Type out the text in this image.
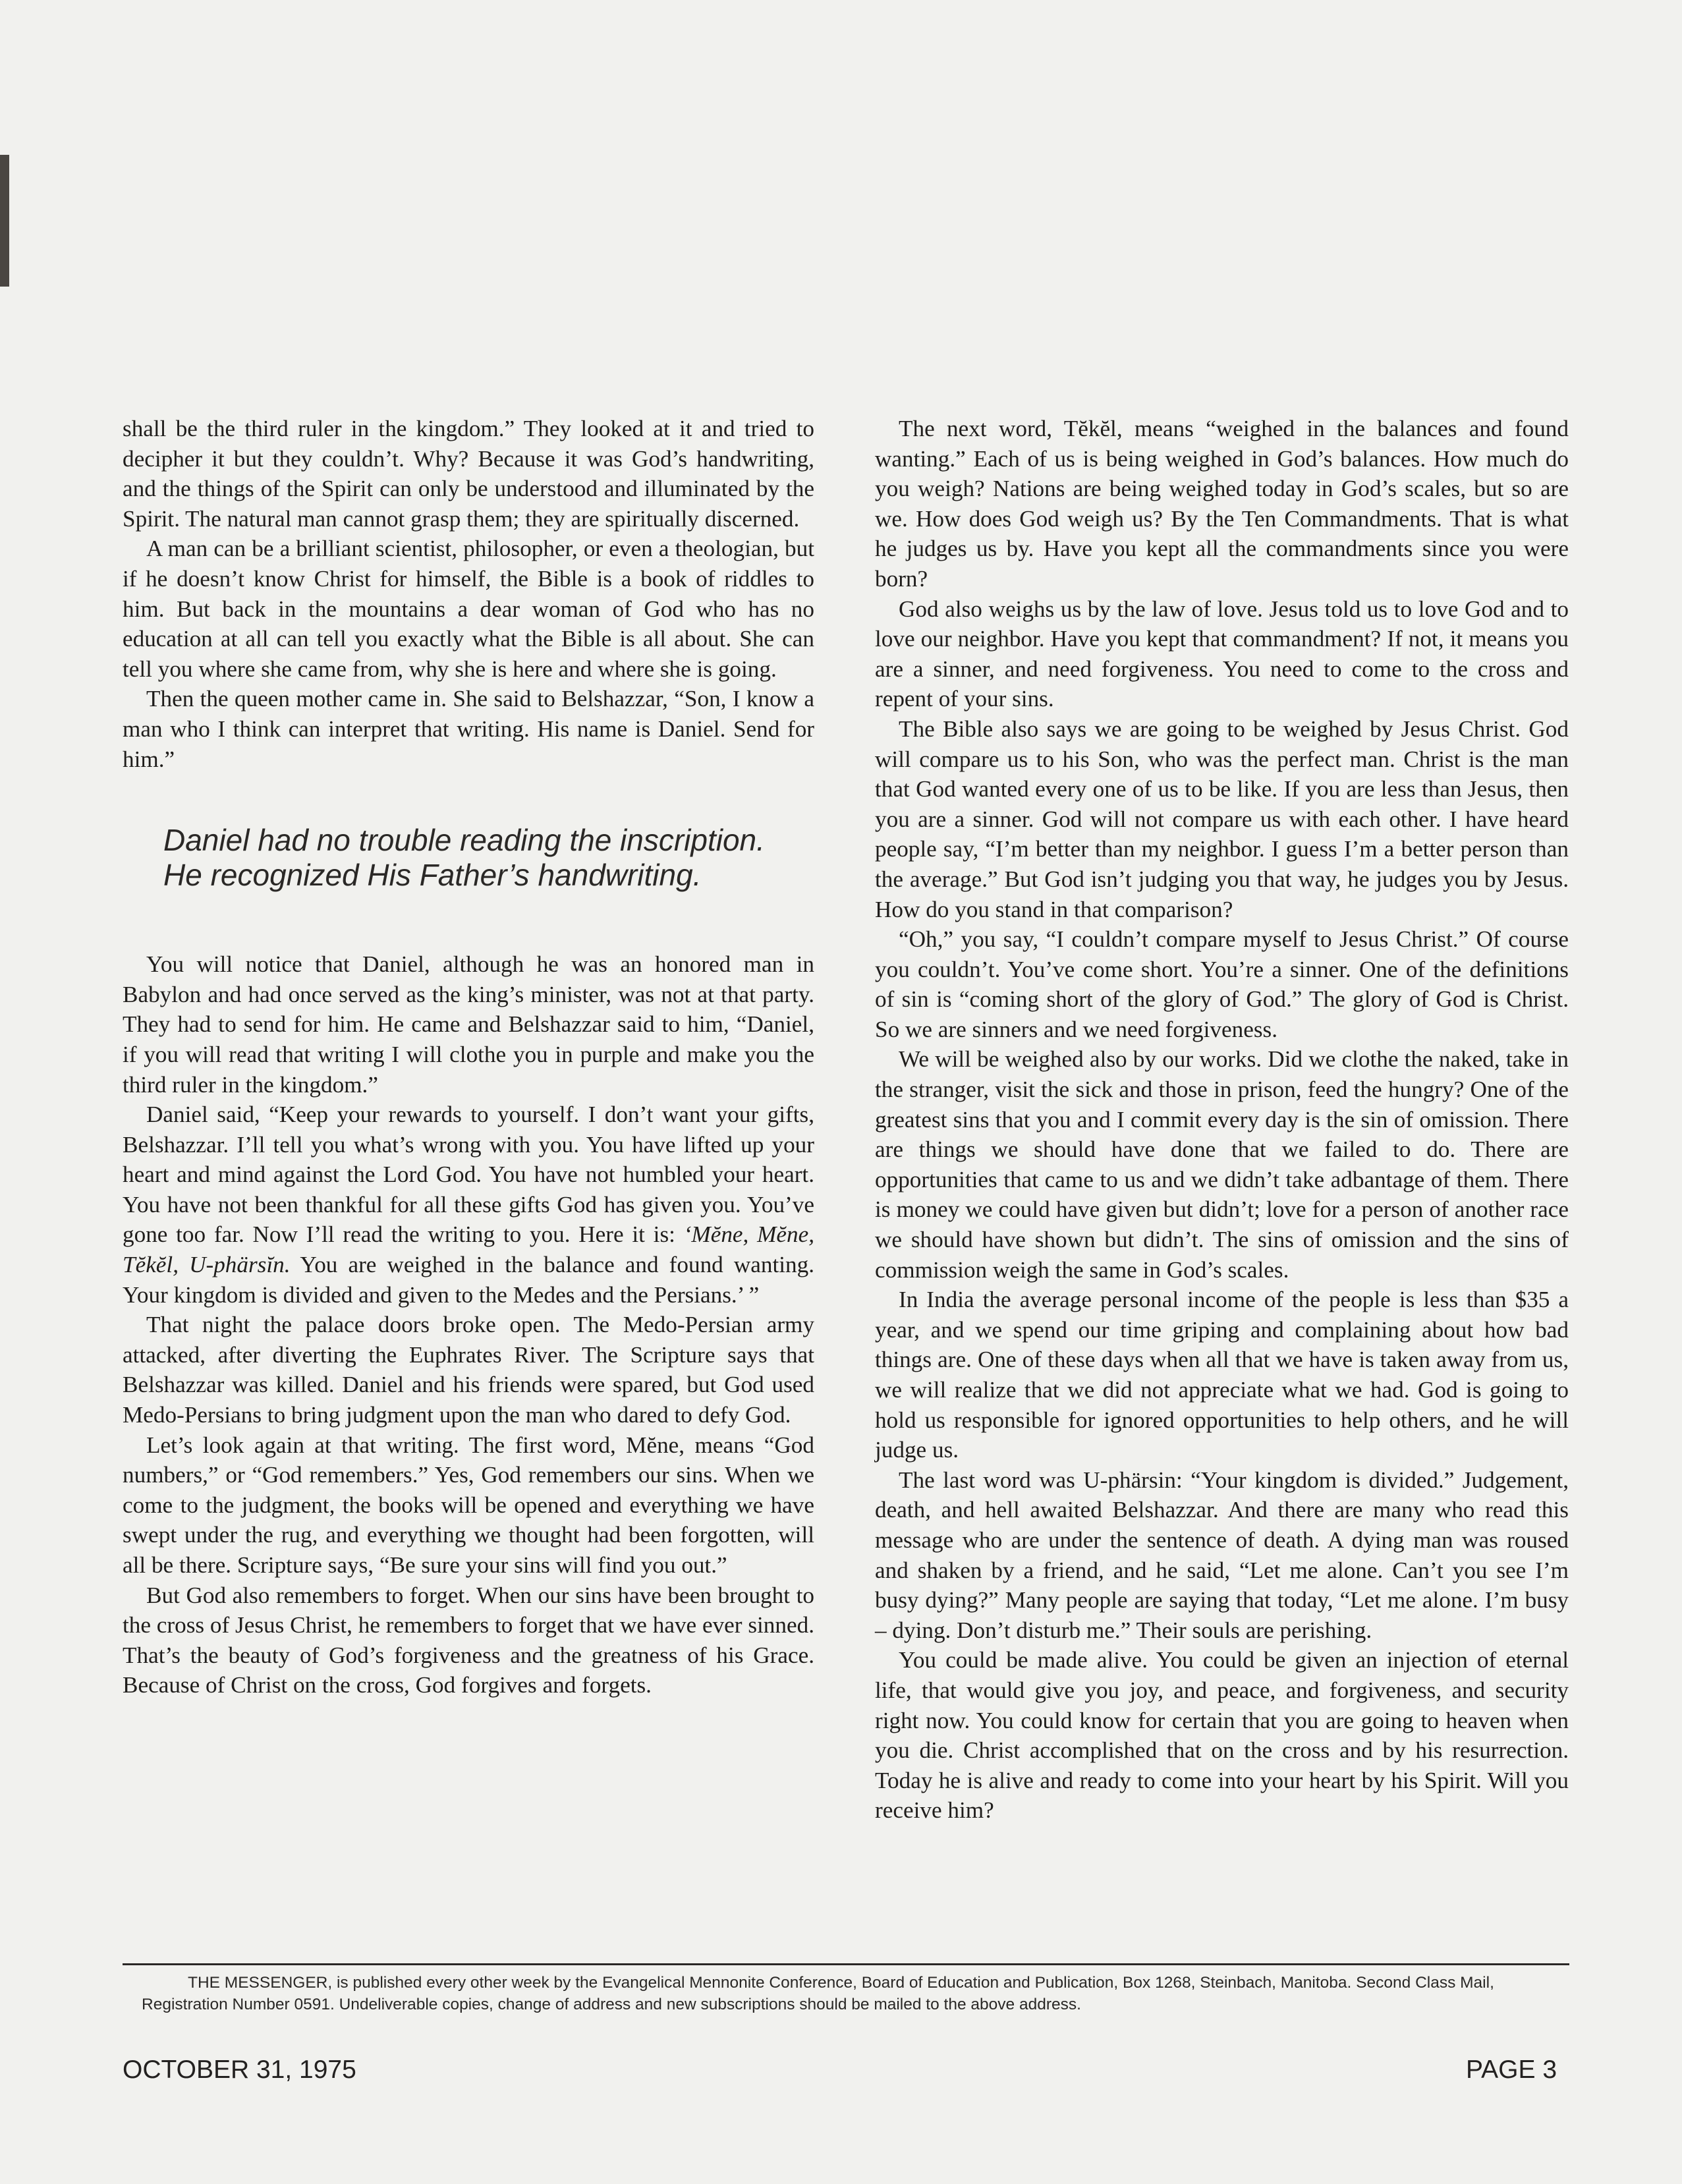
shall be the third ruler in the kingdom.” They looked at it and tried to decipher it but they couldn’t. Why? Because it was God’s handwriting, and the things of the Spirit can only be understood and illuminated by the Spirit. The natural man cannot grasp them; they are spiritually discerned.

A man can be a brilliant scientist, philosopher, or even a theologian, but if he doesn’t know Christ for himself, the Bible is a book of riddles to him. But back in the mountains a dear woman of God who has no education at all can tell you exactly what the Bible is all about. She can tell you where she came from, why she is here and where she is going.

Then the queen mother came in. She said to Belshazzar, “Son, I know a man who I think can interpret that writing. His name is Daniel. Send for him.”

Daniel had no trouble reading the inscription. He recognized His Father’s handwriting.

You will notice that Daniel, although he was an honored man in Babylon and had once served as the king’s minister, was not at that party. They had to send for him. He came and Belshazzar said to him, “Daniel, if you will read that writing I will clothe you in purple and make you the third ruler in the kingdom.”

Daniel said, “Keep your rewards to yourself. I don’t want your gifts, Belshazzar. I’ll tell you what’s wrong with you. You have lifted up your heart and mind against the Lord God. You have not humbled your heart. You have not been thankful for all these gifts God has given you. You’ve gone too far. Now I’ll read the writing to you. Here it is: ‘Mĕne, Mĕne, Tĕkĕl, U-phärsĭn. You are weighed in the balance and found wanting. Your kingdom is divided and given to the Medes and the Persians.’ ”

That night the palace doors broke open. The Medo-Persian army attacked, after diverting the Euphrates River. The Scripture says that Belshazzar was killed. Daniel and his friends were spared, but God used Medo-Persians to bring judgment upon the man who dared to defy God.

Let’s look again at that writing. The first word, Mĕne, means “God numbers,” or “God remembers.” Yes, God remembers our sins. When we come to the judgment, the books will be opened and everything we have swept under the rug, and everything we thought had been forgotten, will all be there. Scripture says, “Be sure your sins will find you out.”

But God also remembers to forget. When our sins have been brought to the cross of Jesus Christ, he remembers to forget that we have ever sinned. That’s the beauty of God’s forgiveness and the greatness of his Grace. Because of Christ on the cross, God forgives and forgets.

The next word, Tĕkĕl, means “weighed in the balances and found wanting.” Each of us is being weighed in God’s balances. How much do you weigh? Nations are being weighed today in God’s scales, but so are we. How does God weigh us? By the Ten Commandments. That is what he judges us by. Have you kept all the commandments since you were born?

God also weighs us by the law of love. Jesus told us to love God and to love our neighbor. Have you kept that commandment? If not, it means you are a sinner, and need forgiveness. You need to come to the cross and repent of your sins.

The Bible also says we are going to be weighed by Jesus Christ. God will compare us to his Son, who was the perfect man. Christ is the man that God wanted every one of us to be like. If you are less than Jesus, then you are a sinner. God will not compare us with each other. I have heard people say, “I’m better than my neighbor. I guess I’m a better person than the average.” But God isn’t judging you that way, he judges you by Jesus. How do you stand in that comparison?

“Oh,” you say, “I couldn’t compare myself to Jesus Christ.” Of course you couldn’t. You’ve come short. You’re a sinner. One of the definitions of sin is “coming short of the glory of God.” The glory of God is Christ. So we are sinners and we need forgiveness.

We will be weighed also by our works. Did we clothe the naked, take in the stranger, visit the sick and those in prison, feed the hungry? One of the greatest sins that you and I commit every day is the sin of omission. There are things we should have done that we failed to do. There are opportunities that came to us and we didn’t take adbantage of them. There is money we could have given but didn’t; love for a person of another race we should have shown but didn’t. The sins of omission and the sins of commission weigh the same in God’s scales.

In India the average personal income of the people is less than $35 a year, and we spend our time griping and complaining about how bad things are. One of these days when all that we have is taken away from us, we will realize that we did not appreciate what we had. God is going to hold us responsible for ignored opportunities to help others, and he will judge us.

The last word was U-phärsin: “Your kingdom is divided.” Judgement, death, and hell awaited Belshazzar. And there are many who read this message who are under the sentence of death. A dying man was roused and shaken by a friend, and he said, “Let me alone. Can’t you see I’m busy dying?” Many people are saying that today, “Let me alone. I’m busy – dying. Don’t disturb me.” Their souls are perishing.

You could be made alive. You could be given an injection of eternal life, that would give you joy, and peace, and forgiveness, and security right now. You could know for certain that you are going to heaven when you die. Christ accomplished that on the cross and by his resurrection. Today he is alive and ready to come into your heart by his Spirit. Will you receive him?

THE MESSENGER, is published every other week by the Evangelical Mennonite Conference, Board of Education and Publication, Box 1268, Steinbach, Manitoba. Second Class Mail, Registration Number 0591. Undeliverable copies, change of address and new subscriptions should be mailed to the above address.
OCTOBER 31, 1975	PAGE 3
